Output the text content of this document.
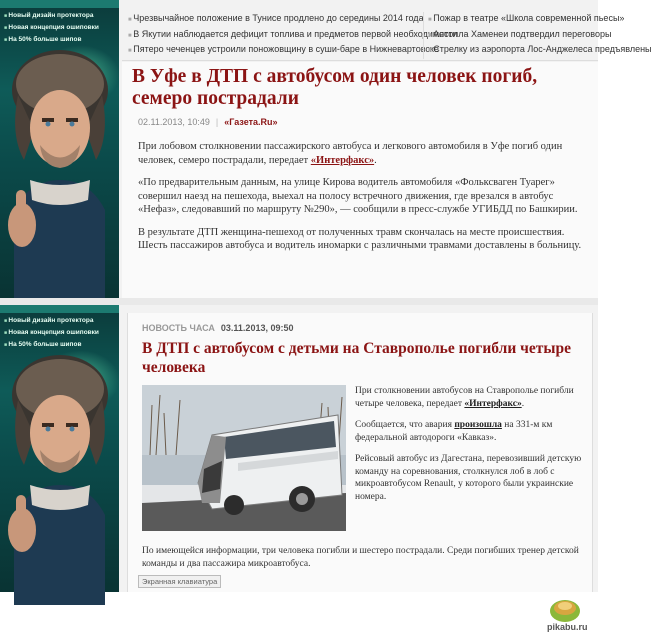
■ Новый дизайн протектора
■ Новая концепция ошиповки
■ На 50% больше шипов
■ Чрезвычайное положение в Тунисе продлено до середины 2014 года
■ В Якутии наблюдается дефицит топлива и предметов первой необходимости
■ Пятеро чеченцев устроили поножовщину в суши-баре в Нижневартовске
■ Пожар в театре «Школа современной пьесы»
■ Аятолла Хаменеи подтвердил переговоры
■ Стрелку из аэропорта Лос-Анджелеса предъявлены
В Уфе в ДТП с автобусом один человек погиб, семеро пострадали
02.11.2013, 10:49 | «Газета.Ru»

При лобовом столкновении пассажирского автобуса и легкового автомобиля в Уфе погиб один человек, семеро пострадали, передает «Интерфакс».

«По предварительным данным, на улице Кирова водитель автомобиля «Фольксваген Туарег» совершил наезд на пешехода, выехал на полосу встречного движения, где врезался в автобус «Нефаз», следовавший по маршруту №290», — сообщили в пресс-службе УГИБДД по Башкирии.

В результате ДТП женщина-пешеход от полученных травм скончалась на месте происшествия. Шесть пассажиров автобуса и водитель иномарки с различными травмами доставлены в больницу.

■ Новый дизайн протектора
■ Новая концепция ошиповки
■ На 50% больше шипов
НОВОСТЬ ЧАСА 03.11.2013, 09:50
В ДТП с автобусом с детьми на Ставрополье погибли четыре человека

При столкновении автобусов на Ставрополье погибли четыре человека, передает «Интерфакс».

Сообщается, что авария произошла на 331-м км федеральной автодороги «Кавказ».

Рейсовый автобус из Дагестана, перевозивший детскую команду на соревнования, столкнулся лоб в лоб с микроавтобусом Renault, у которого были украинские номера.

По имеющейся информации, три человека погибли и шестеро пострадали. Среди погибших тренер детской команды и два пассажира микроавтобуса.
Экранная клавиатура
pikabu.ru
